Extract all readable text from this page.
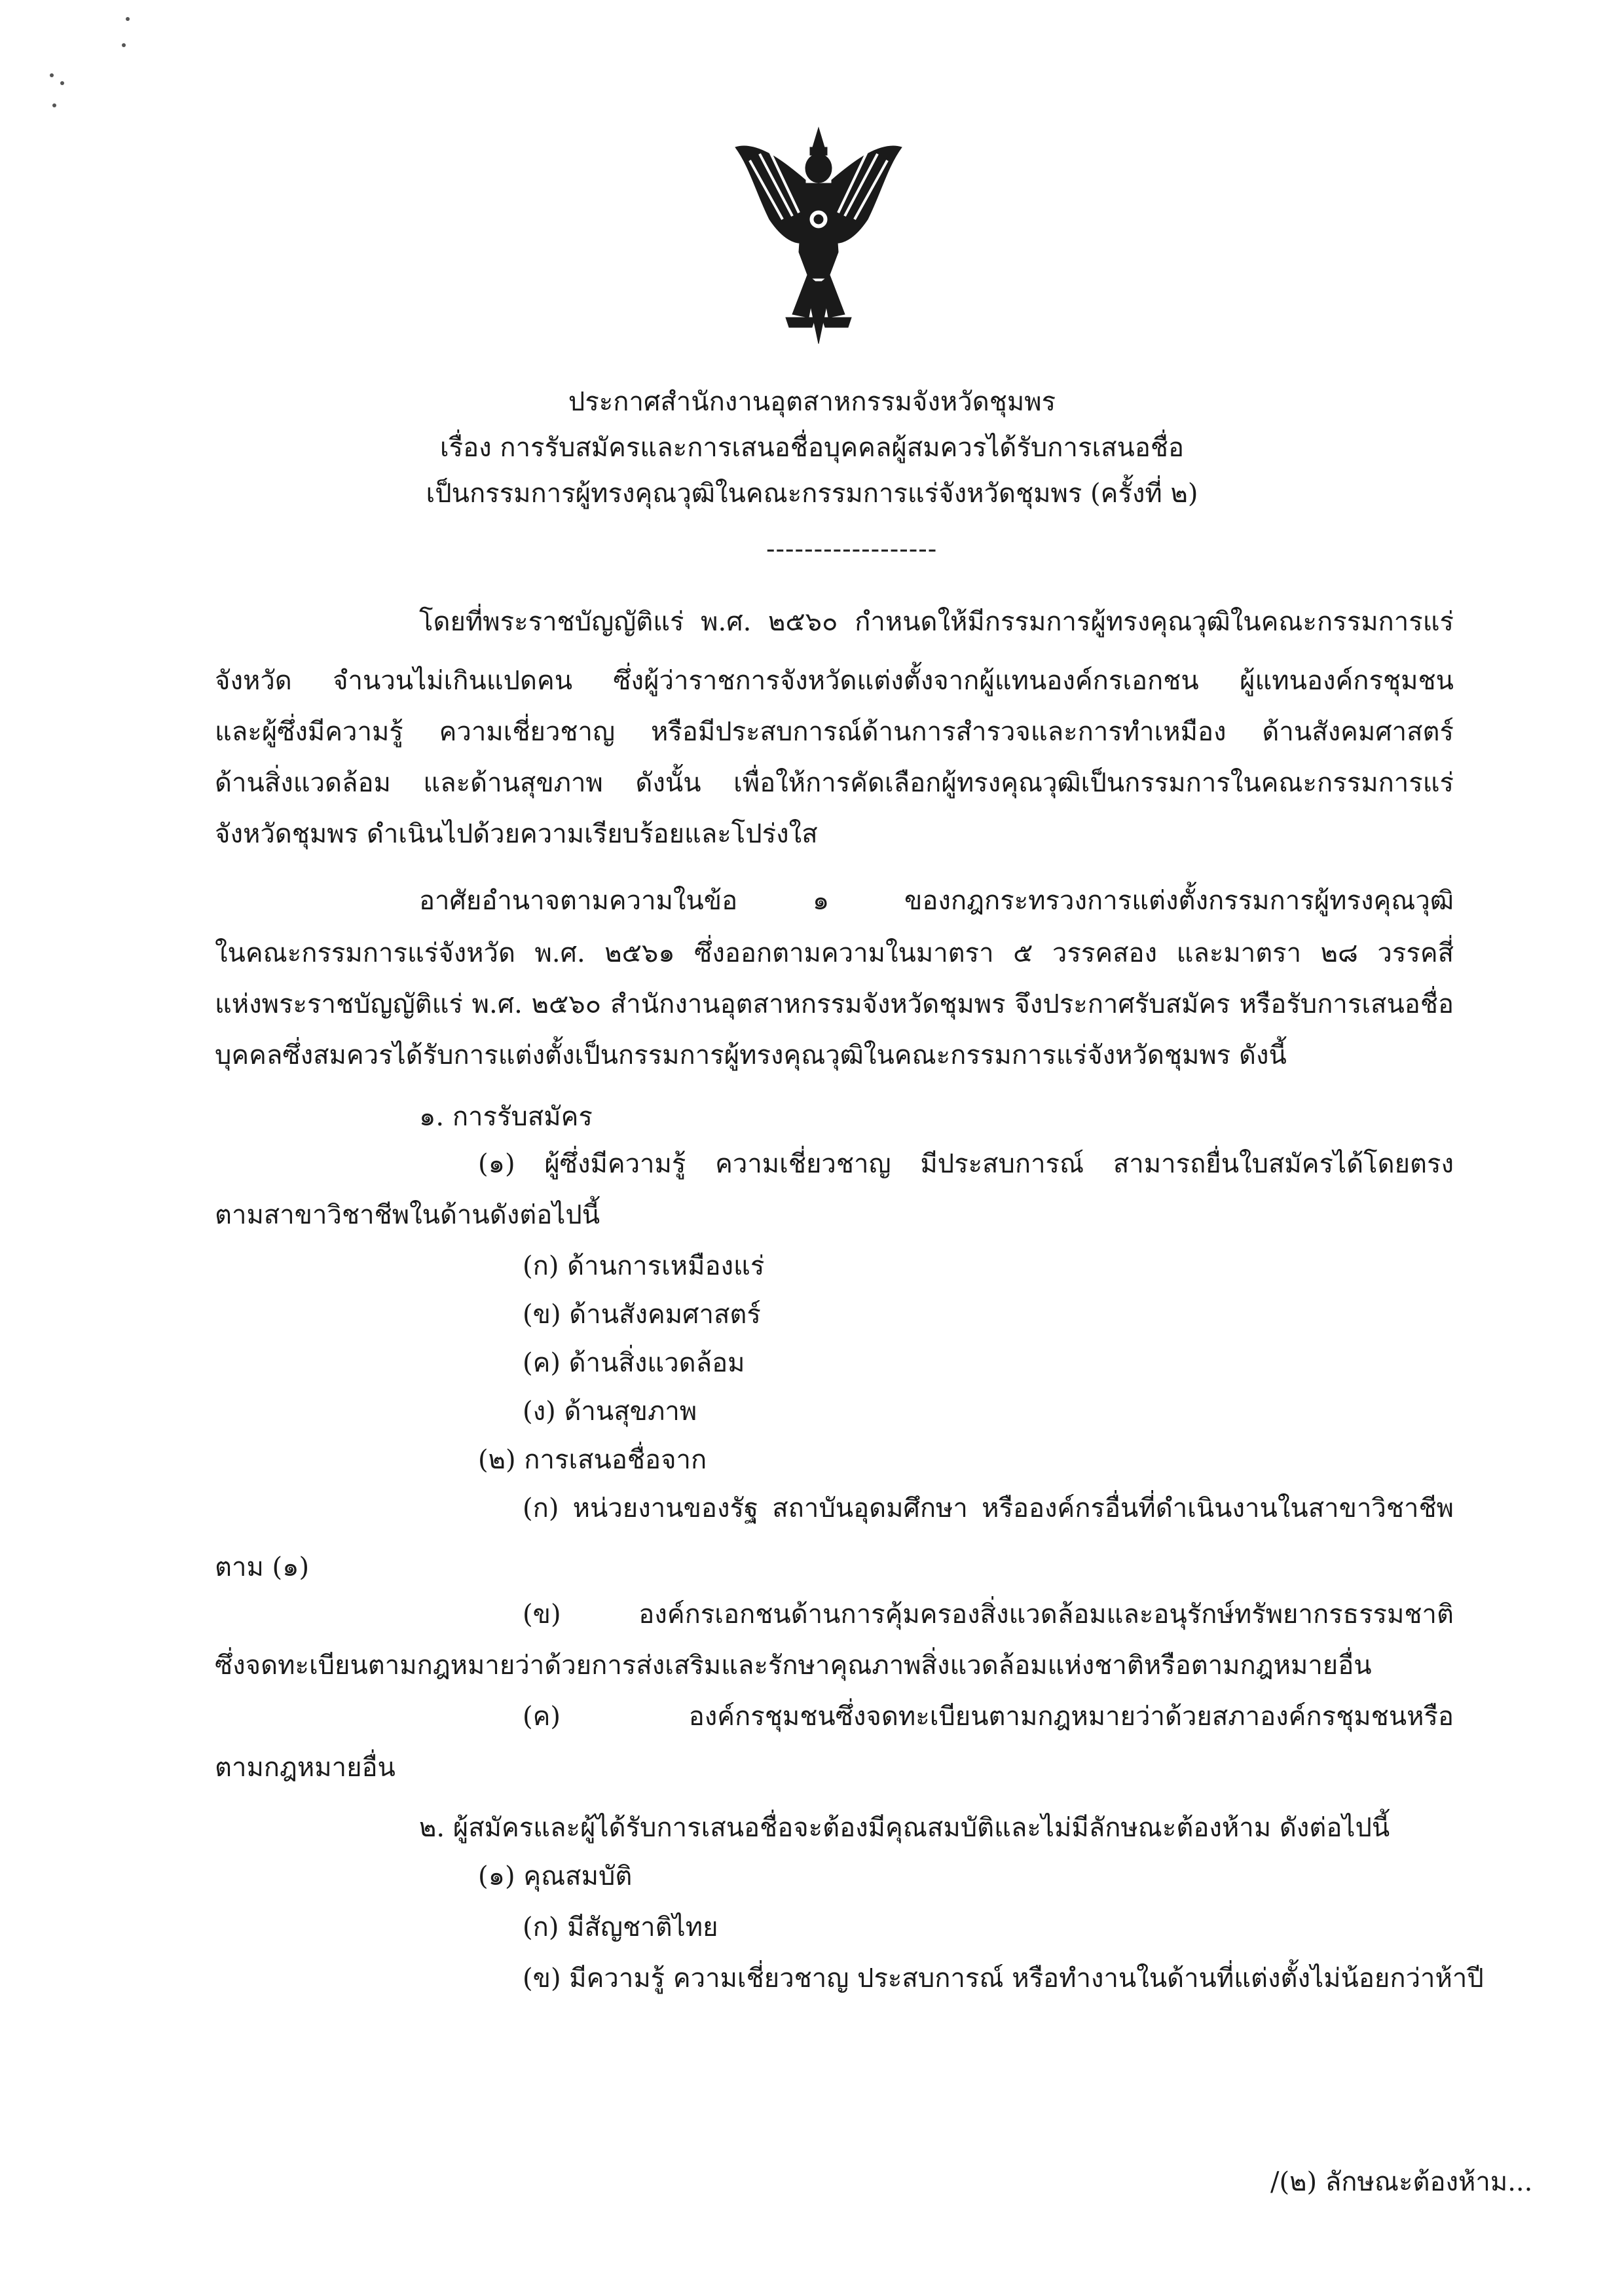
ประกาศสำนักงานอุตสาหกรรมจังหวัดชุมพร
เรื่อง การรับสมัครและการเสนอชื่อบุคคลผู้สมควรได้รับการเสนอชื่อ
เป็นกรรมการผู้ทรงคุณวุฒิในคณะกรรมการแร่จังหวัดชุมพร (ครั้งที่ ๒)
------------------
โดยที่พระราชบัญญัติแร่ พ.ศ. ๒๕๖๐ กำหนดให้มีกรรมการผู้ทรงคุณวุฒิในคณะกรรมการแร่
จังหวัด จำนวนไม่เกินแปดคน ซึ่งผู้ว่าราชการจังหวัดแต่งตั้งจากผู้แทนองค์กรเอกชน ผู้แทนองค์กรชุมชน
และผู้ซึ่งมีความรู้ ความเชี่ยวชาญ หรือมีประสบการณ์ด้านการสำรวจและการทำเหมือง ด้านสังคมศาสตร์
ด้านสิ่งแวดล้อม และด้านสุขภาพ ดังนั้น เพื่อให้การคัดเลือกผู้ทรงคุณวุฒิเป็นกรรมการในคณะกรรมการแร่
จังหวัดชุมพร ดำเนินไปด้วยความเรียบร้อยและโปร่งใส
อาศัยอำนาจตามความในข้อ ๑ ของกฎกระทรวงการแต่งตั้งกรรมการผู้ทรงคุณวุฒิ
ในคณะกรรมการแร่จังหวัด พ.ศ. ๒๕๖๑ ซึ่งออกตามความในมาตรา ๕ วรรคสอง และมาตรา ๒๘ วรรคสี่
แห่งพระราชบัญญัติแร่ พ.ศ. ๒๕๖๐ สำนักงานอุตสาหกรรมจังหวัดชุมพร จึงประกาศรับสมัคร หรือรับการเสนอชื่อ
บุคคลซึ่งสมควรได้รับการแต่งตั้งเป็นกรรมการผู้ทรงคุณวุฒิในคณะกรรมการแร่จังหวัดชุมพร ดังนี้
๑. การรับสมัคร
(๑) ผู้ซึ่งมีความรู้ ความเชี่ยวชาญ มีประสบการณ์ สามารถยื่นใบสมัครได้โดยตรง
ตามสาขาวิชาชีพในด้านดังต่อไปนี้
(ก) ด้านการเหมืองแร่
(ข) ด้านสังคมศาสตร์
(ค) ด้านสิ่งแวดล้อม
(ง) ด้านสุขภาพ
(๒) การเสนอชื่อจาก
(ก) หน่วยงานของรัฐ สถาบันอุดมศึกษา หรือองค์กรอื่นที่ดำเนินงานในสาขาวิชาชีพ
ตาม (๑)
(ข) องค์กรเอกชนด้านการคุ้มครองสิ่งแวดล้อมและอนุรักษ์ทรัพยากรธรรมชาติ
ซึ่งจดทะเบียนตามกฎหมายว่าด้วยการส่งเสริมและรักษาคุณภาพสิ่งแวดล้อมแห่งชาติหรือตามกฎหมายอื่น
(ค) องค์กรชุมชนซึ่งจดทะเบียนตามกฎหมายว่าด้วยสภาองค์กรชุมชนหรือ
ตามกฎหมายอื่น
๒. ผู้สมัครและผู้ได้รับการเสนอชื่อจะต้องมีคุณสมบัติและไม่มีลักษณะต้องห้าม ดังต่อไปนี้
(๑) คุณสมบัติ
(ก) มีสัญชาติไทย
(ข) มีความรู้ ความเชี่ยวชาญ ประสบการณ์ หรือทำงานในด้านที่แต่งตั้งไม่น้อยกว่าห้าปี
/(๒) ลักษณะต้องห้าม...
